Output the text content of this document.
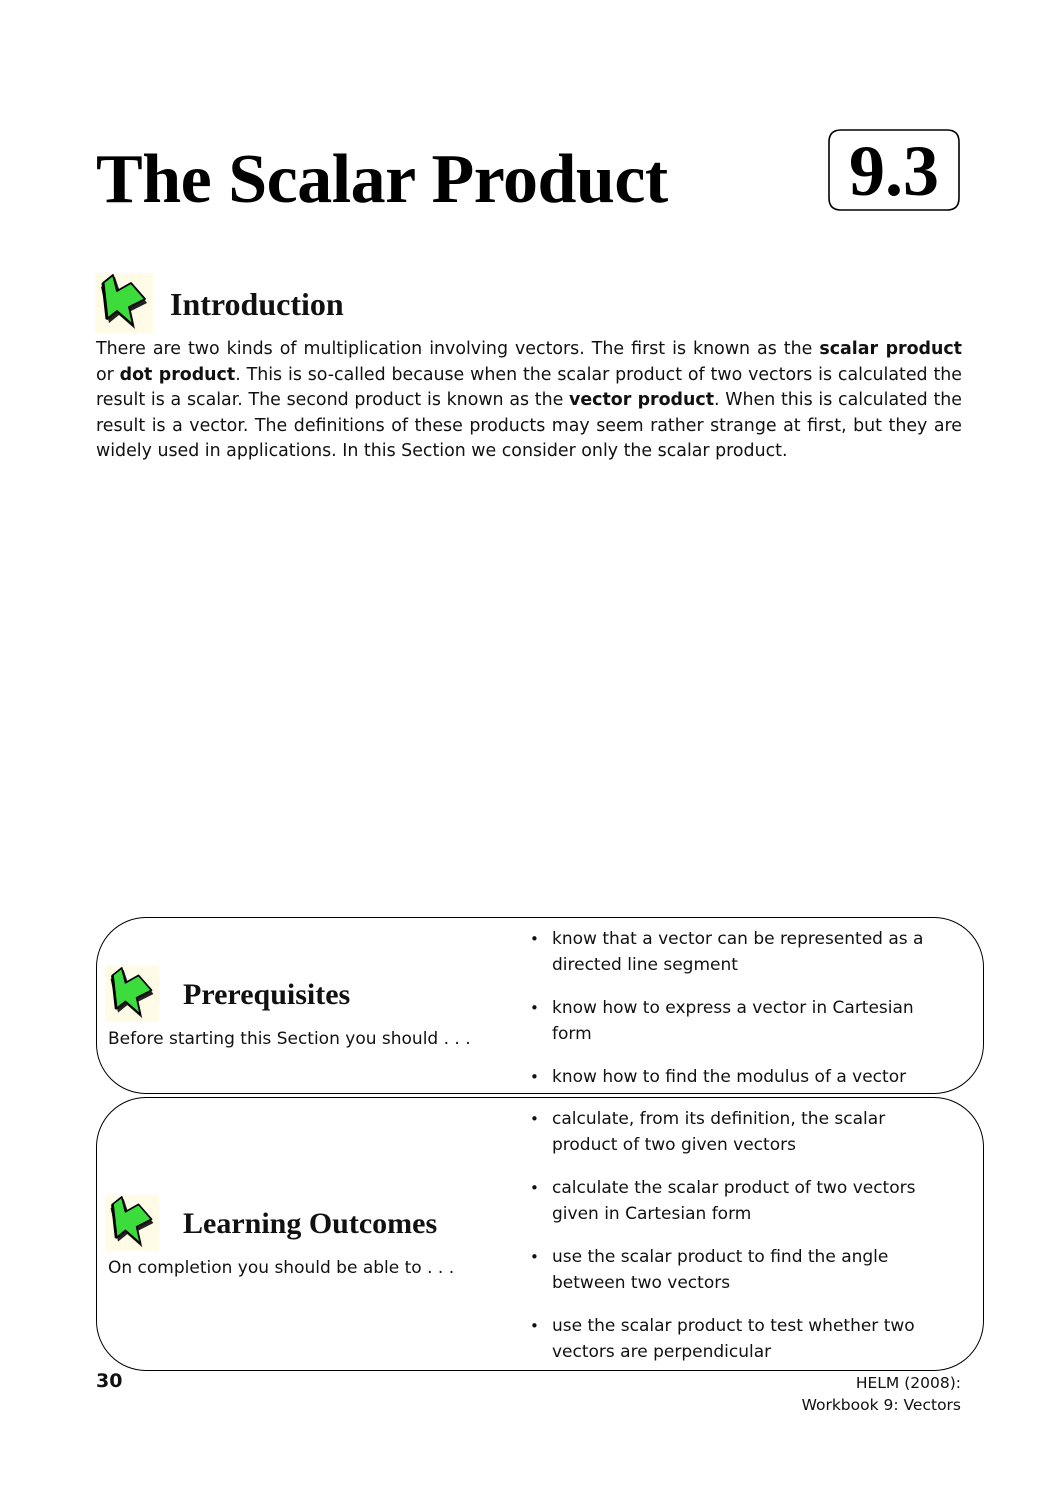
The Scalar Product	9.3
Introduction

There are two kinds of multiplication involving vectors. The first is known as the scalar product or dot product. This is so-called because when the scalar product of two vectors is calculated the result is a scalar. The second product is known as the vector product. When this is calculated the result is a vector. The definitions of these products may seem rather strange at first, but they are widely used in applications. In this Section we consider only the scalar product.

Prerequisites

Before starting this Section you should . . .

• know that a vector can be represented as a directed line segment
• know how to express a vector in Cartesian form
• know how to find the modulus of a vector
Learning Outcomes

On completion you should be able to . . .

• calculate, from its definition, the scalar product of two given vectors
• calculate the scalar product of two vectors given in Cartesian form
• use the scalar product to find the angle between two vectors
• use the scalar product to test whether two vectors are perpendicular
30	HELM (2008):
Workbook 9: Vectors
